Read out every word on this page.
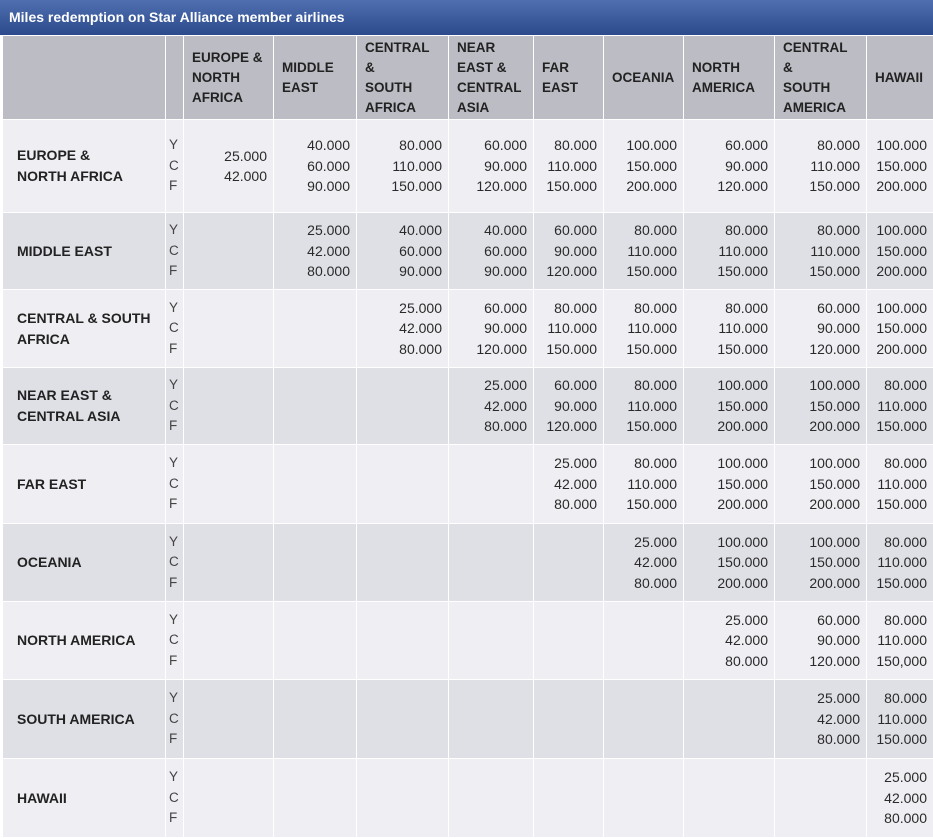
Miles redemption on Star Alliance member airlines

		EUROPE &
NORTH
AFRICA	MIDDLE
EAST	CENTRAL
&
SOUTH
AFRICA	NEAR
EAST &
CENTRAL
ASIA	FAR
EAST	OCEANIA	NORTH
AMERICA	CENTRAL
&
SOUTH
AMERICA	HAWAII

EUROPE &
NORTH AFRICA	Y
C
F	25.000
42.000	40.000
60.000
90.000	80.000
110.000
150.000	60.000
90.000
120.000	80.000
110.000
150.000	100.000
150.000
200.000	60.000
90.000
120.000	80.000
110.000
150.000	100.000
150.000
200.000

MIDDLE EAST	Y
C
F		25.000
42.000
80.000	40.000
60.000
90.000	40.000
60.000
90.000	60.000
90.000
120.000	80.000
110.000
150.000	80.000
110.000
150.000	80.000
110.000
150.000	100.000
150.000
200.000

CENTRAL & SOUTH
AFRICA	Y
C
F			25.000
42.000
80.000	60.000
90.000
120.000	80.000
110.000
150.000	80.000
110.000
150.000	80.000
110.000
150.000	60.000
90.000
120.000	100.000
150.000
200.000

NEAR EAST &
CENTRAL ASIA	Y
C
F				25.000
42.000
80.000	60.000
90.000
120.000	80.000
110.000
150.000	100.000
150.000
200.000	100.000
150.000
200.000	80.000
110.000
150.000

FAR EAST	Y
C
F					25.000
42.000
80.000	80.000
110.000
150.000	100.000
150.000
200.000	100.000
150.000
200.000	80.000
110.000
150.000

OCEANIA	Y
C
F						25.000
42.000
80.000	100.000
150.000
200.000	100.000
150.000
200.000	80.000
110.000
150.000

NORTH AMERICA	Y
C
F							25.000
42.000
80.000	60.000
90.000
120.000	80.000
110.000
150,000

SOUTH AMERICA	Y
C
F								25.000
42.000
80.000	80.000
110.000
150.000

HAWAII	Y
C
F									25.000
42.000
80.000
